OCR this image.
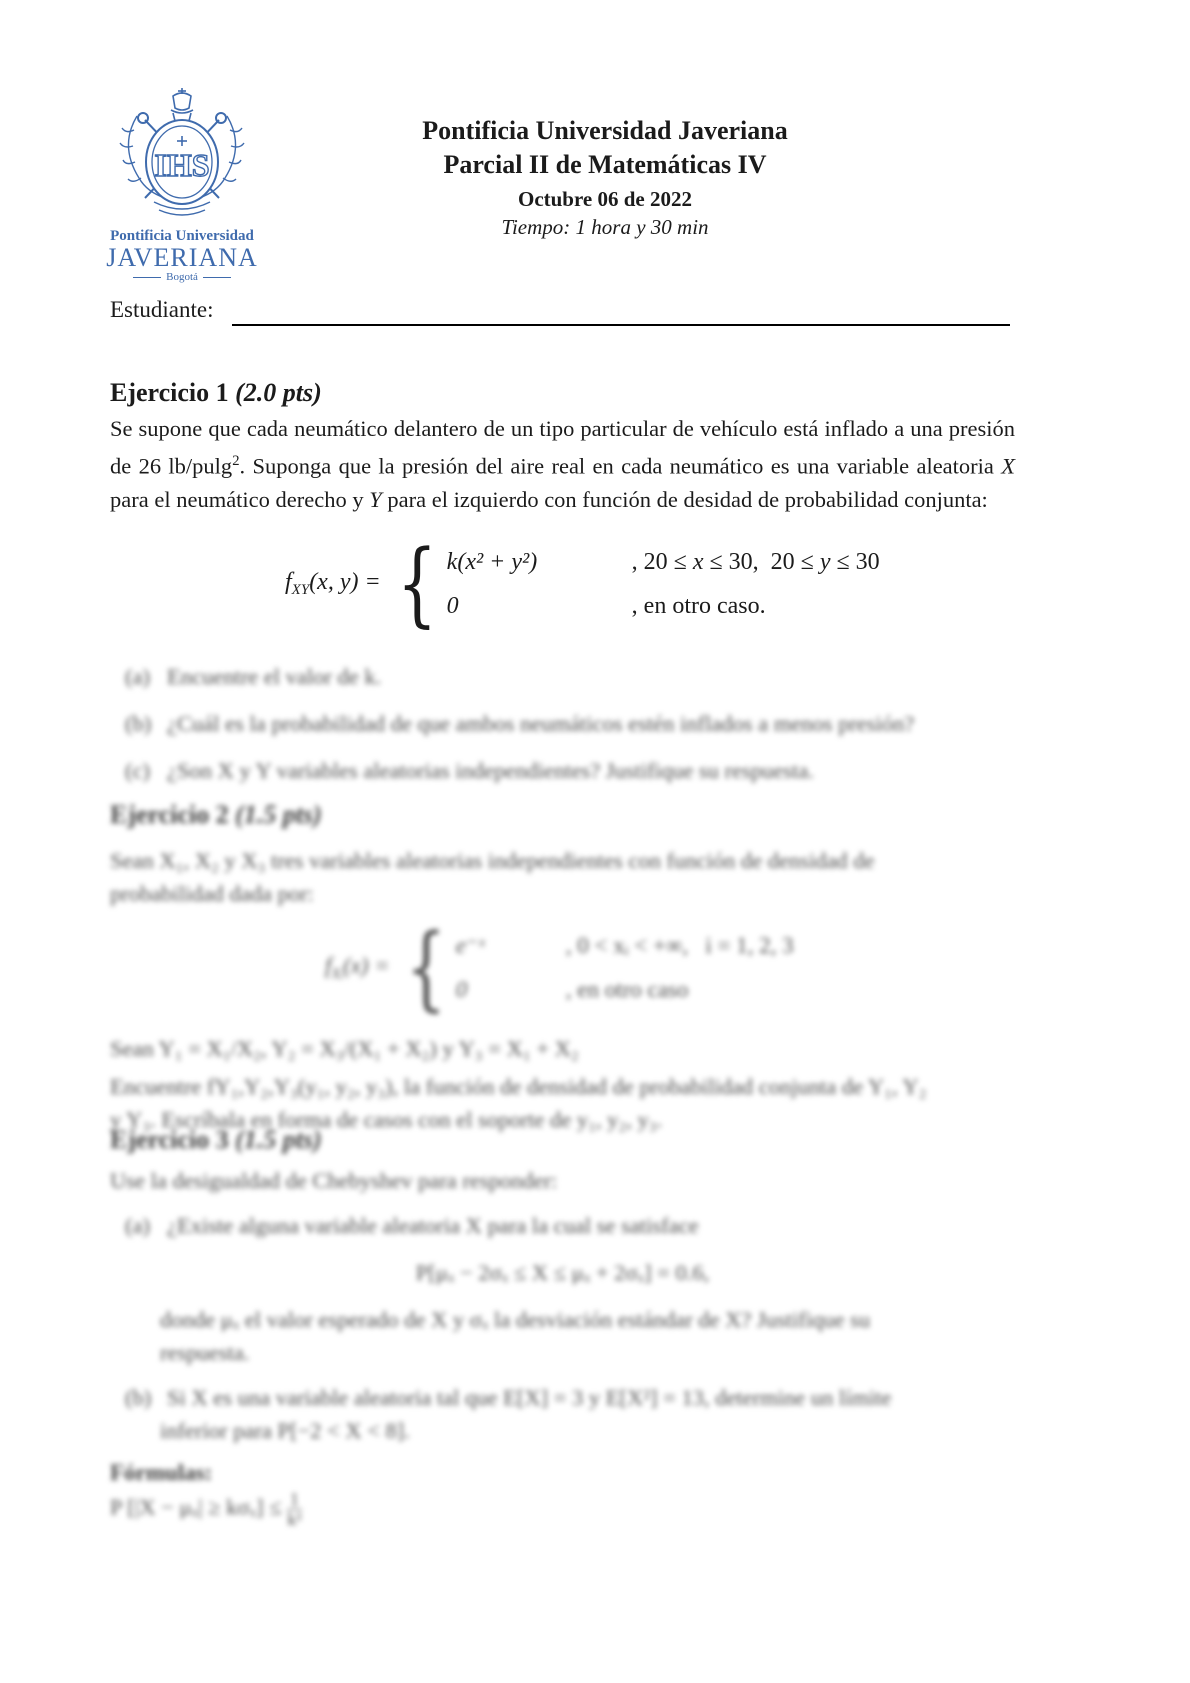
IHS
Pontificia Universidad
JAVERIANA
Bogotá
Pontificia Universidad Javeriana
Parcial II de Matemáticas IV
Octubre 06 de 2022
Tiempo: 1 hora y 30 min
Estudiante:
Ejercicio 1 (2.0 pts)
Se supone que cada neumático delantero de un tipo particular de vehículo está inflado a una presión de 26 lb/pulg$^2$. Suponga que la presión del aire real en cada neumático es una variable aleatoria X para el neumático derecho y Y para el izquierdo con función de desidad de probabilidad conjunta:
$f_{XY}(x$, y) = { k(x² + y²)	, 20 ≤ x ≤ 30,  20 ≤ y ≤ 30
0	, en otro caso.
(a) Encuentre el valor de k.
(b) ¿Cuál es la probabilidad de que ambos neumáticos estén inflados a menos presión?
(c) ¿Son X y Y variables aleatorias independientes? Justifique su respuesta.
Ejercicio 2 (1.5 pts)
Sean X₁, X₂ y X₃ tres variables aleatorias independientes con función de densidad de
probabilidad dada por:
$f_{Xᵢ}(x)$ = { e⁻ˣ	, 0 < xᵢ < +∞,   i = 1, 2, 3
0	, en otro caso
Sean Y₁ = X₁/X₂, Y₂ = X₃/(X₁ + X₂) y Y₃ = X₁ + X₂
Encuentre fY₁,Y₂,Y₃(y₁, y₂, y₃), la función de densidad de probabilidad conjunta de Y₁, Y₂
y Y₃. Escríbala en forma de casos con el soporte de y₁, y₂, y₃.
Ejercicio 3 (1.5 pts)
Use la desigualdad de Chebyshev para responder:
(a) ¿Existe alguna variable aleatoria X para la cual se satisface
P[μₓ − 2σₓ ≤ X ≤ μₓ + 2σₓ] = 0.6,
donde μₓ el valor esperado de X y σₓ la desviación estándar de X? Justifique su
respuesta.
(b) Si X es una variable aleatoria tal que E[X] = 3 y E[X²] = 13, determine un límite
inferior para P[−2 < X < 8].
Fórmulas:
P $[|X - \mu_x| \ge k\sigma_x] \le \frac{1}{\text{k²}}$
